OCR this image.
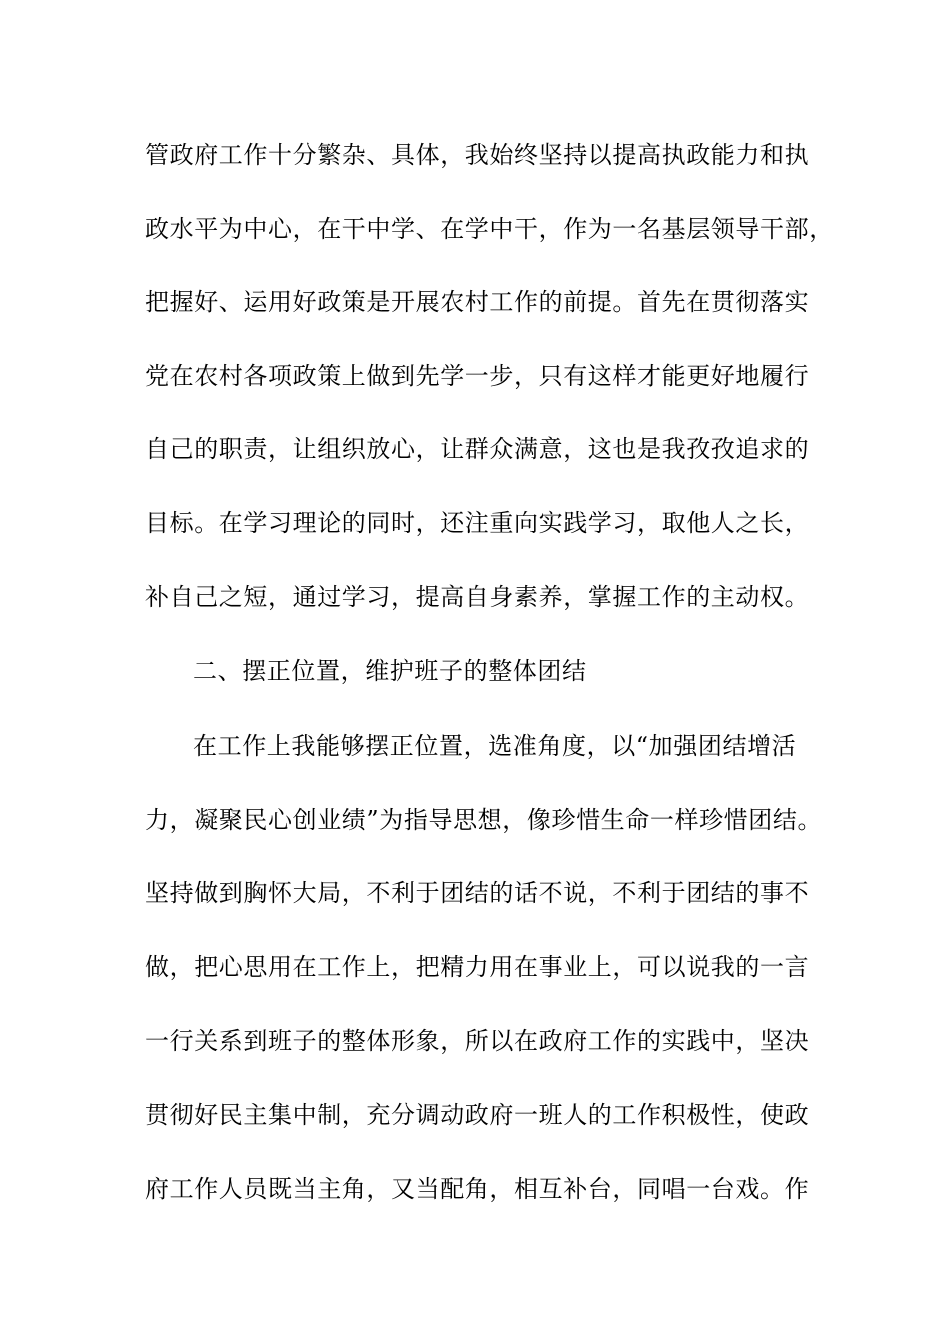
管政府工作十分繁杂、具体，我始终坚持以提高执政能力和执
政水平为中心，在干中学、在学中干，作为一名基层领导干部，
把握好、运用好政策是开展农村工作的前提。首先在贯彻落实
党在农村各项政策上做到先学一步，只有这样才能更好地履行
自己的职责，让组织放心，让群众满意，这也是我孜孜追求的
目标。在学习理论的同时，还注重向实践学习，取他人之长，
补自己之短，通过学习，提高自身素养，掌握工作的主动权。
二、摆正位置，维护班子的整体团结
在工作上我能够摆正位置，选准角度，以“加强团结增活
力，凝聚民心创业绩”为指导思想，像珍惜生命一样珍惜团结。
坚持做到胸怀大局，不利于团结的话不说，不利于团结的事不
做，把心思用在工作上，把精力用在事业上，可以说我的一言
一行关系到班子的整体形象，所以在政府工作的实践中，坚决
贯彻好民主集中制，充分调动政府一班人的工作积极性，使政
府工作人员既当主角，又当配角，相互补台，同唱一台戏。作
